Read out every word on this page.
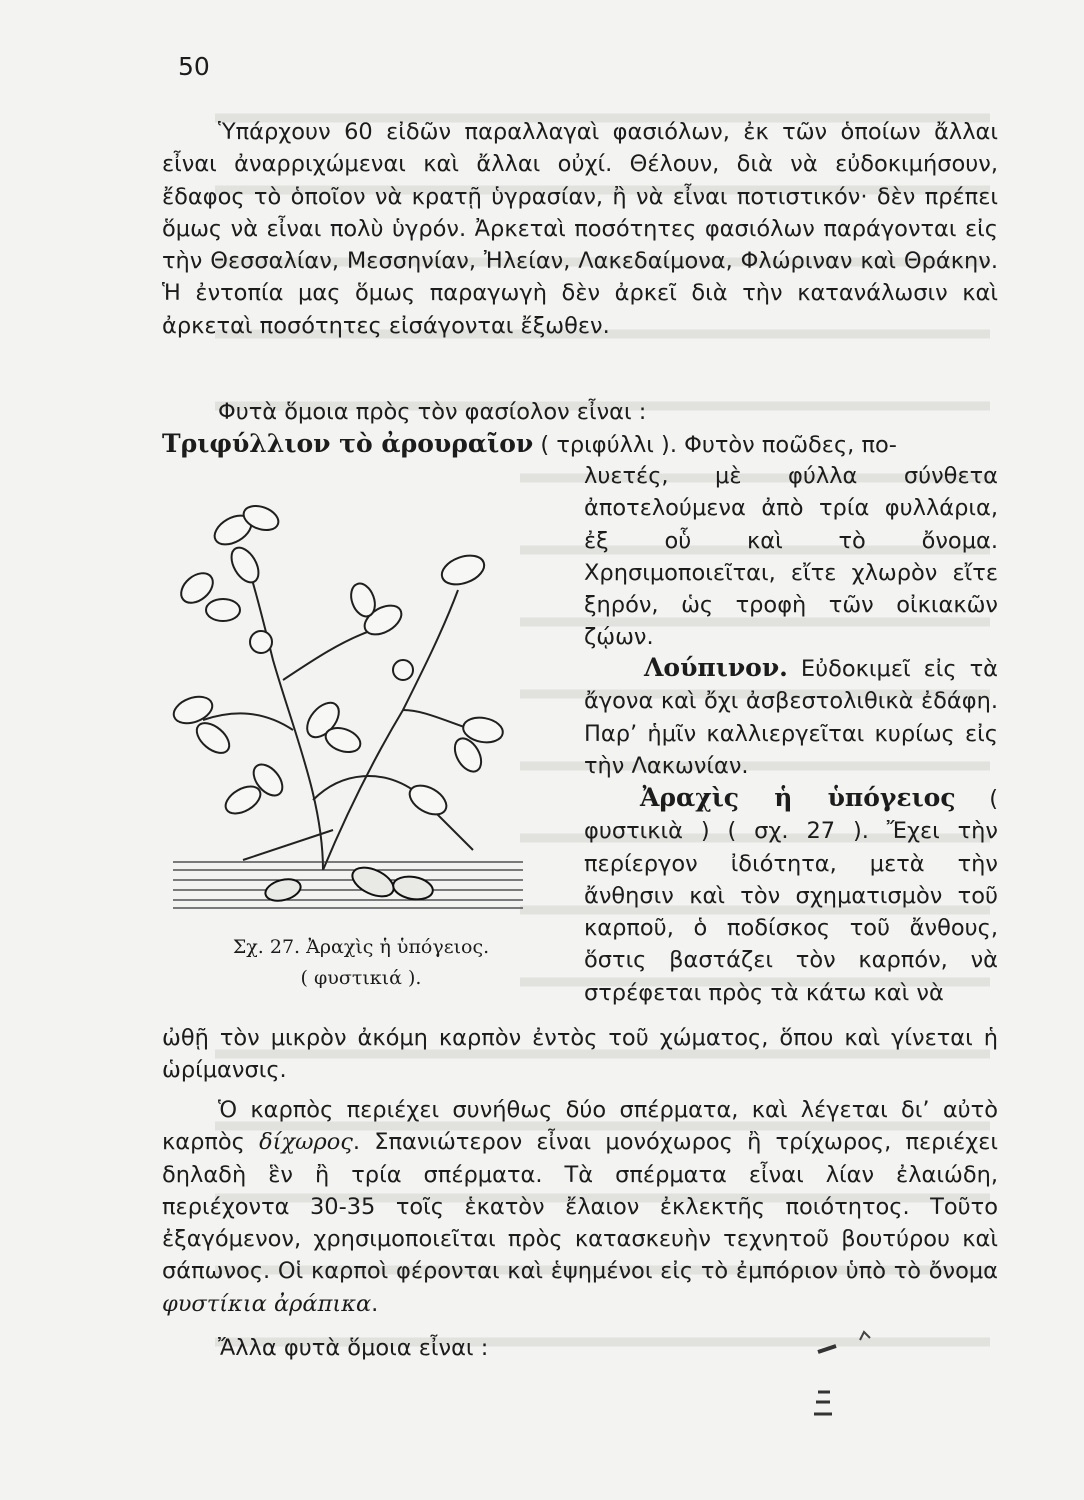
50
Ὑπάρχουν 60 εἰδῶν παραλλαγαὶ φασιόλων, ἐκ τῶν ὁποίων ἄλλαι εἶναι ἀναρριχώμεναι καὶ ἄλλαι οὐχί. Θέλουν, διὰ νὰ εὐδοκιμήσουν, ἔδαφος τὸ ὁποῖον νὰ κρατῇ ὑγρασίαν, ἢ νὰ εἶναι ποτιστικόν· δὲν πρέπει ὅμως νὰ εἶναι πολὺ ὑγρόν. Ἀρκεταὶ ποσότητες φασιόλων παράγονται εἰς τὴν Θεσσαλίαν, Μεσσηνίαν, Ἠλείαν, Λακεδαίμονα, Φλώριναν καὶ Θράκην. Ἡ ἐντοπία μας ὅμως παραγωγὴ δὲν ἀρκεῖ διὰ τὴν κατανάλωσιν καὶ ἀρκεταὶ ποσότητες εἰσάγονται ἔξωθεν.
Φυτὰ ὅμοια πρὸς τὸν φασίολον εἶναι :
Τριφύλλιον τὸ ἀρουραῖον ( τριφύλλι ). Φυτὸν ποῶδες, πο-
λυετές, μὲ φύλλα σύνθετα ἀποτελούμενα ἀπὸ τρία φυλλάρια, ἐξ οὗ καὶ τὸ ὄνομα. Χρησιμοποιεῖται, εἴτε χλωρὸν εἴτε ξηρόν, ὡς τροφὴ τῶν οἰκιακῶν ζῴων.
Λούπινον. Εὐδοκιμεῖ εἰς τὰ ἄγονα καὶ ὄχι ἀσβεστολιθικὰ ἐδάφη. Παρ’ ἡμῖν καλλιεργεῖται κυρίως εἰς τὴν Λακωνίαν.
Ἀραχὶς ἡ ὑπόγειος ( φυστικιὰ ) ( σχ. 27 ). Ἔχει τὴν περίεργον ἰδιότητα, μετὰ τὴν ἄνθησιν καὶ τὸν σχηματισμὸν τοῦ καρποῦ, ὁ ποδίσκος τοῦ ἄνθους, ὅστις βαστάζει τὸν καρπόν, νὰ στρέφεται πρὸς τὰ κάτω καὶ νὰ
Σχ. 27. Ἀραχὶς ἡ ὑπόγειος.
( φυστικιά ).
ὠθῇ τὸν μικρὸν ἀκόμη καρπὸν ἐντὸς τοῦ χώματος, ὅπου καὶ γίνεται ἡ ὡρίμανσις.
Ὁ καρπὸς περιέχει συνήθως δύο σπέρματα, καὶ λέγεται δι’ αὐτὸ καρπὸς δίχωρος. Σπανιώτερον εἶναι μονόχωρος ἢ τρίχωρος, περιέχει δηλαδὴ ἓν ἢ τρία σπέρματα. Τὰ σπέρματα εἶναι λίαν ἐλαιώδη, περιέχοντα 30-35 τοῖς ἑκατὸν ἔλαιον ἐκλεκτῆς ποιότητος. Τοῦτο ἐξαγόμενον, χρησιμοποιεῖται πρὸς κατασκευὴν τεχνητοῦ βουτύρου καὶ σάπωνος. Οἱ καρποὶ φέρονται καὶ ἑψημένοι εἰς τὸ ἐμπόριον ὑπὸ τὸ ὄνομα φυστίκια ἀράπικα.
Ἄλλα φυτὰ ὅμοια εἶναι :
